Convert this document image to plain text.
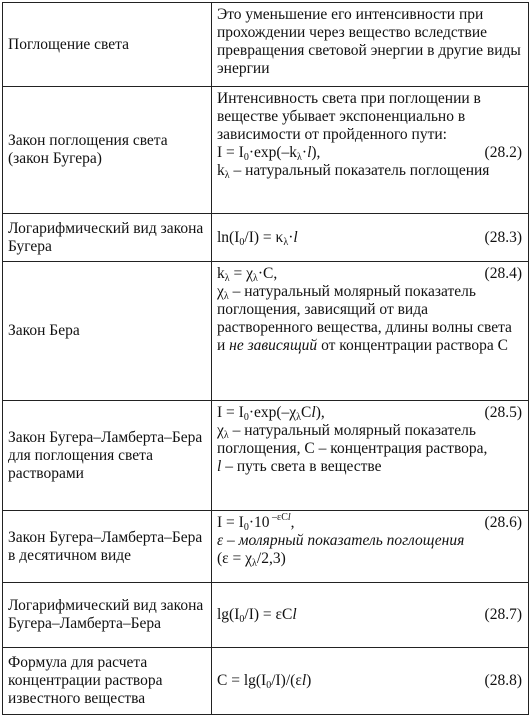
Поглощение света	Это уменьшение его интенсивности при прохождении через вещество вследствие превращения световой энергии в другие виды энергии
Закон поглощения света (закон Бугера)	Интенсивность света при поглощении в веществе убывает экспоненциально в зависимости от пройденного пути:
$I = I_0\cdot\exp(-k_\lambda\cdot l)$, (28.2)
$k_\lambda$ – натуральный показатель поглощения

Логарифмический вид закона Бугера	$\ln(I_0/I) = \kappa_\lambda\cdot l$ (28.3)

Закон Бера	$k_\lambda = \chi_\lambda\cdot C$, (28.4)
$\chi_\lambda$ – натуральный молярный показатель поглощения, зависящий от вида растворенного вещества, длины волны света и не зависящий от концентрации раствора С

Закон Бугера–Ламберта–Бера для поглощения света растворами	$I = I_0\cdot\exp(-\chi_\lambda Cl)$, (28.5)
$\chi_\lambda$ – натуральный молярный показатель поглощения, С – концентрация раствора,
l – путь света в веществе

Закон Бугера–Ламберта–Бера в десятичном виде	$I = I_0\cdot 10$ $^{-\varepsilon Cl}$, (28.6)
ε – молярный показатель поглощения
$(\varepsilon = \chi_\lambda/2,3)$

Логарифмический вид закона Бугера–Ламберта–Бера	$\lg(I_0/I) = \varepsilon Cl$ (28.7)

Формула для расчета концентрации раствора известного вещества	$C = \lg(I_0/I)/(\varepsilon l)$ (28.8)
